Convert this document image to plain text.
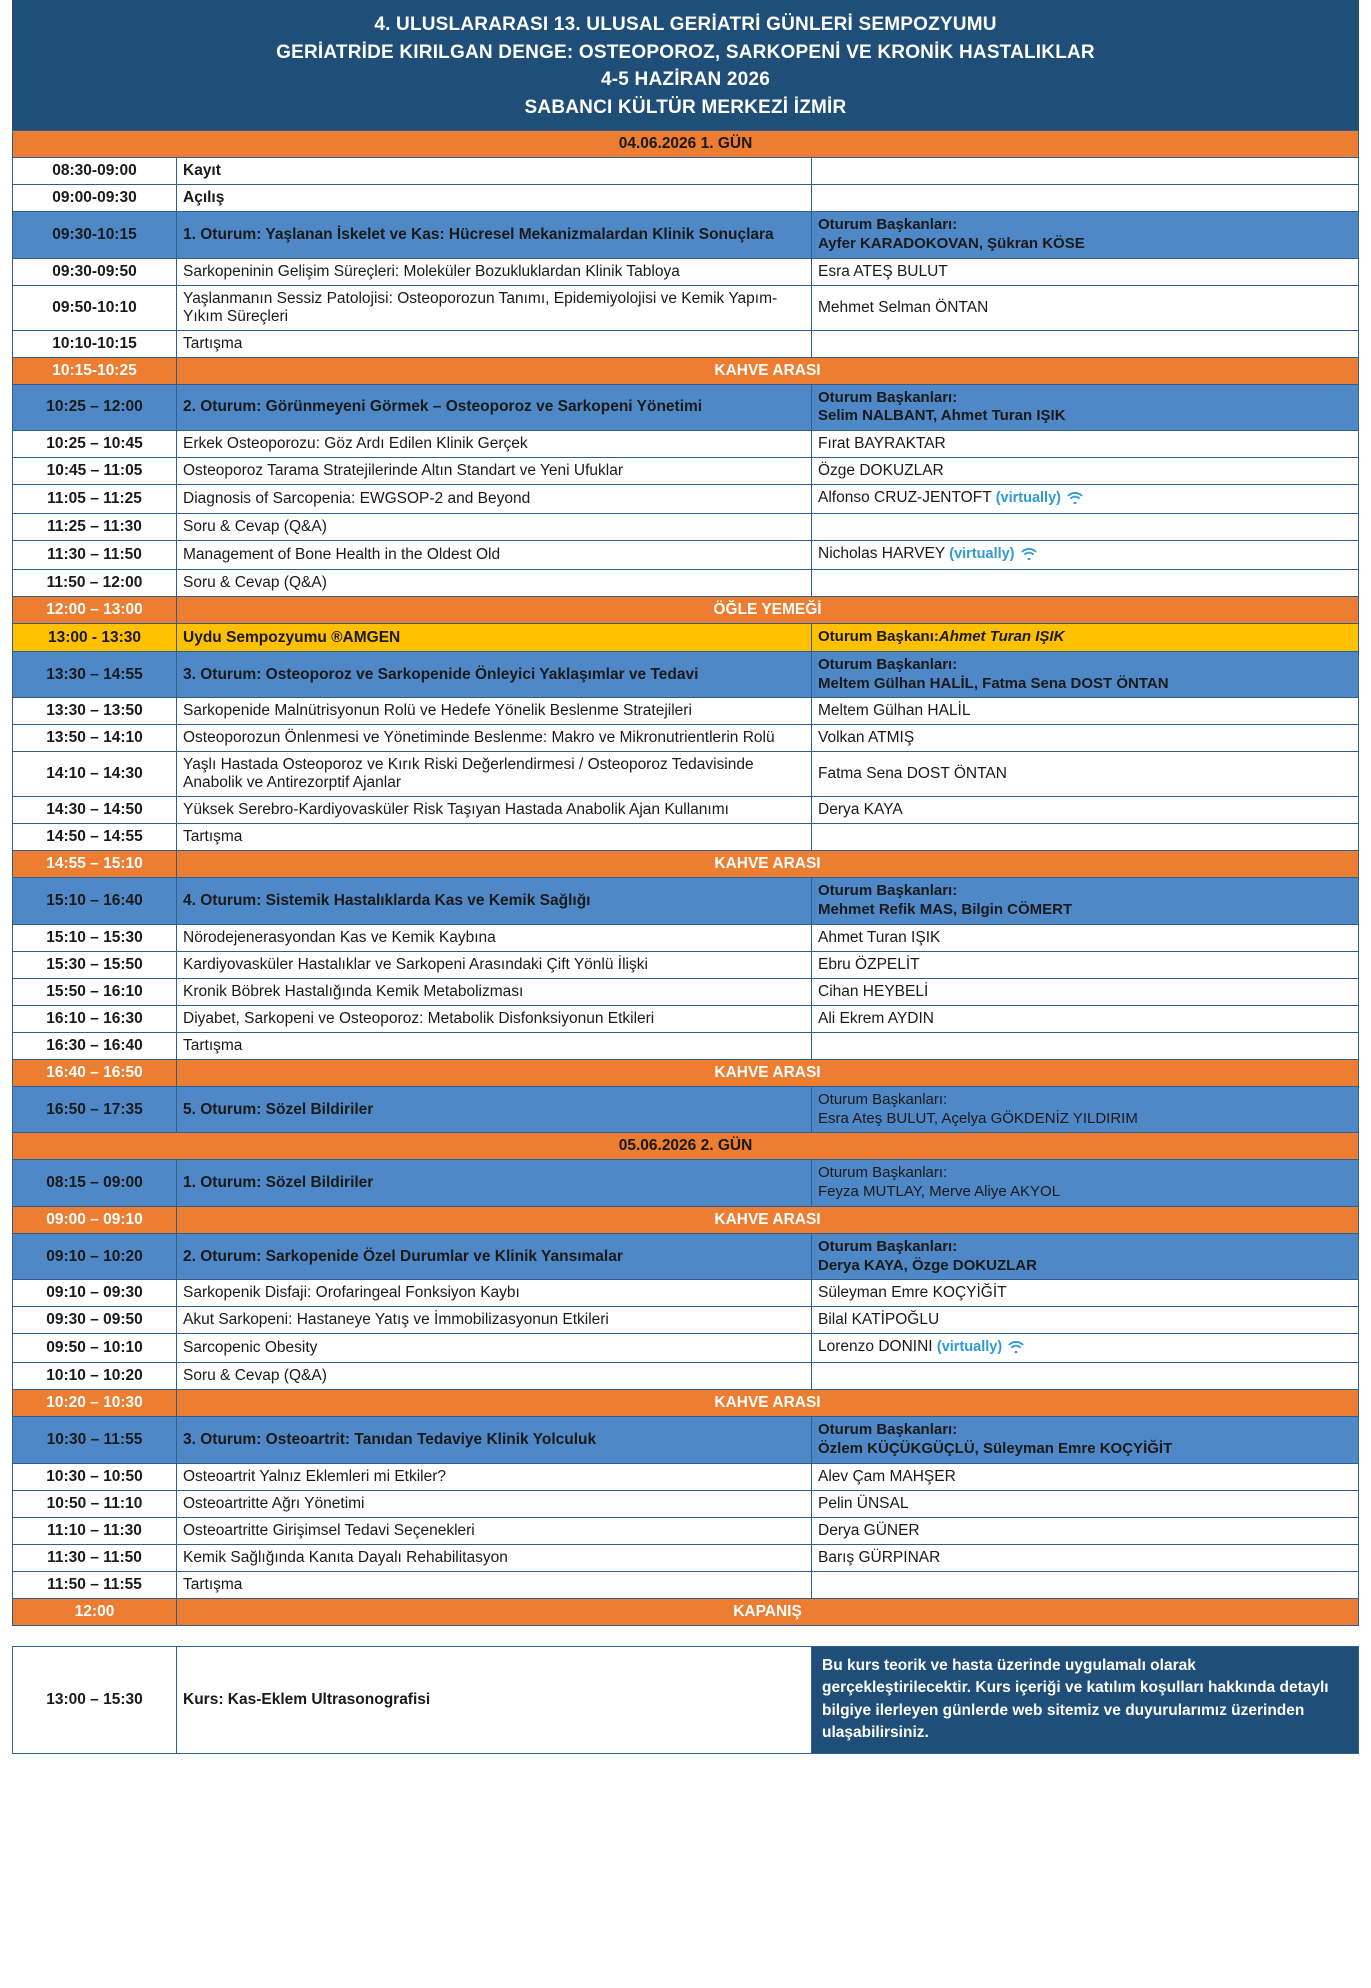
4. ULUSLARARASI 13. ULUSAL GERİATRİ GÜNLERİ SEMPOZYUMU
GERİATRİDE KIRILGAN DENGE: OSTEOPOROZ, SARKOPENİ VE KRONİK HASTALIKLAR
4-5 HAZİRAN 2026
SABANCI KÜLTÜR MERKEZİ İZMİR
04.06.2026 1. GÜN		
08:30-09:00	Kayıt	
09:00-09:30	Açılış	
09:30-10:15	1. Oturum: Yaşlanan İskelet ve Kas: Hücresel Mekanizmalardan Klinik Sonuçlara	Oturum Başkanları:
Ayfer KARADOKOVAN, Şükran KÖSE

09:30-09:50	Sarkopeninin Gelişim Süreçleri: Moleküler Bozukluklardan Klinik Tabloya	Esra ATEŞ BULUT
09:50-10:10	Yaşlanmanın Sessiz Patolojisi: Osteoporozun Tanımı, Epidemiyolojisi ve Kemik Yapım-Yıkım Süreçleri	Mehmet Selman ÖNTAN
10:10-10:15	Tartışma	
10:15-10:25	KAHVE ARASI	
10:25 – 12:00	2. Oturum: Görünmeyeni Görmek – Osteoporoz ve Sarkopeni Yönetimi	Oturum Başkanları:
Selim NALBANT, Ahmet Turan IŞIK

10:25 – 10:45	Erkek Osteoporozu: Göz Ardı Edilen Klinik Gerçek	Fırat BAYRAKTAR
10:45 – 11:05	Osteoporoz Tarama Stratejilerinde Altın Standart ve Yeni Ufuklar	Özge DOKUZLAR
11:05 – 11:25	Diagnosis of Sarcopenia: EWGSOP-2 and Beyond	Alfonso CRUZ-JENTOFT (virtually)
11:25 – 11:30	Soru & Cevap (Q&A)	
11:30 – 11:50	Management of Bone Health in the Oldest Old	Nicholas HARVEY (virtually)
11:50 – 12:00	Soru & Cevap (Q&A)	
12:00 – 13:00	ÖĞLE YEMEĞİ	
13:00 - 13:30	Uydu Sempozyumu ®AMGEN	Oturum Başkanı:Ahmet Turan IŞIK
13:30 – 14:55	3. Oturum: Osteoporoz ve Sarkopenide Önleyici Yaklaşımlar ve Tedavi	Oturum Başkanları:
Meltem Gülhan HALİL, Fatma Sena DOST ÖNTAN

13:30 – 13:50	Sarkopenide Malnütrisyonun Rolü ve Hedefe Yönelik Beslenme Stratejileri	Meltem Gülhan HALİL
13:50 – 14:10	Osteoporozun Önlenmesi ve Yönetiminde Beslenme: Makro ve Mikronutrientlerin Rolü	Volkan ATMIŞ
14:10 – 14:30	Yaşlı Hastada Osteoporoz ve Kırık Riski Değerlendirmesi / Osteoporoz Tedavisinde Anabolik ve Antirezorptif Ajanlar	Fatma Sena DOST ÖNTAN
14:30 – 14:50	Yüksek Serebro-Kardiyovasküler Risk Taşıyan Hastada Anabolik Ajan Kullanımı	Derya KAYA
14:50 – 14:55	Tartışma	
14:55 – 15:10	KAHVE ARASI	
15:10 – 16:40	4. Oturum: Sistemik Hastalıklarda Kas ve Kemik Sağlığı	Oturum Başkanları:
Mehmet Refik MAS, Bilgin CÖMERT

15:10 – 15:30	Nörodejenerasyondan Kas ve Kemik Kaybına	Ahmet Turan IŞIK
15:30 – 15:50	Kardiyovasküler Hastalıklar ve Sarkopeni Arasındaki Çift Yönlü İlişki	Ebru ÖZPELİT
15:50 – 16:10	Kronik Böbrek Hastalığında Kemik Metabolizması	Cihan HEYBELİ
16:10 – 16:30	Diyabet, Sarkopeni ve Osteoporoz: Metabolik Disfonksiyonun Etkileri	Ali Ekrem AYDIN
16:30 – 16:40	Tartışma	
16:40 – 16:50	KAHVE ARASI	
16:50 – 17:35	5. Oturum: Sözel Bildiriler	Oturum Başkanları:
Esra Ateş BULUT, Açelya GÖKDENİZ YILDIRIM

05.06.2026 2. GÜN		
08:15 – 09:00	1. Oturum: Sözel Bildiriler	Oturum Başkanları:
Feyza MUTLAY, Merve Aliye AKYOL

09:00 – 09:10	KAHVE ARASI	
09:10 – 10:20	2. Oturum: Sarkopenide Özel Durumlar ve Klinik Yansımalar	Oturum Başkanları:
Derya KAYA, Özge DOKUZLAR

09:10 – 09:30	Sarkopenik Disfaji: Orofaringeal Fonksiyon Kaybı	Süleyman Emre KOÇYİĞİT
09:30 – 09:50	Akut Sarkopeni: Hastaneye Yatış ve İmmobilizasyonun Etkileri	Bilal KATİPOĞLU
09:50 – 10:10	Sarcopenic Obesity	Lorenzo DONINI (virtually)
10:10 – 10:20	Soru & Cevap (Q&A)	
10:20 – 10:30	KAHVE ARASI	
10:30 – 11:55	3. Oturum: Osteoartrit: Tanıdan Tedaviye Klinik Yolculuk	Oturum Başkanları:
Özlem KÜÇÜKGÜÇLÜ, Süleyman Emre KOÇYİĞİT

10:30 – 10:50	Osteoartrit Yalnız Eklemleri mi Etkiler?	Alev Çam MAHŞER
10:50 – 11:10	Osteoartritte Ağrı Yönetimi	Pelin ÜNSAL
11:10 – 11:30	Osteoartritte Girişimsel Tedavi Seçenekleri	Derya GÜNER
11:30 – 11:50	Kemik Sağlığında Kanıta Dayalı Rehabilitasyon	Barış GÜRPINAR
11:50 – 11:55	Tartışma	
12:00	KAPANIŞ	

13:00 – 15:30	Kurs: Kas-Eklem Ultrasonografisi	Bu kurs teorik ve hasta üzerinde uygulamalı olarak gerçekleştirilecektir. Kurs içeriği ve katılım koşulları hakkında detaylı bilgiye ilerleyen günlerde web sitemiz ve duyurularımız üzerinden ulaşabilirsiniz.
